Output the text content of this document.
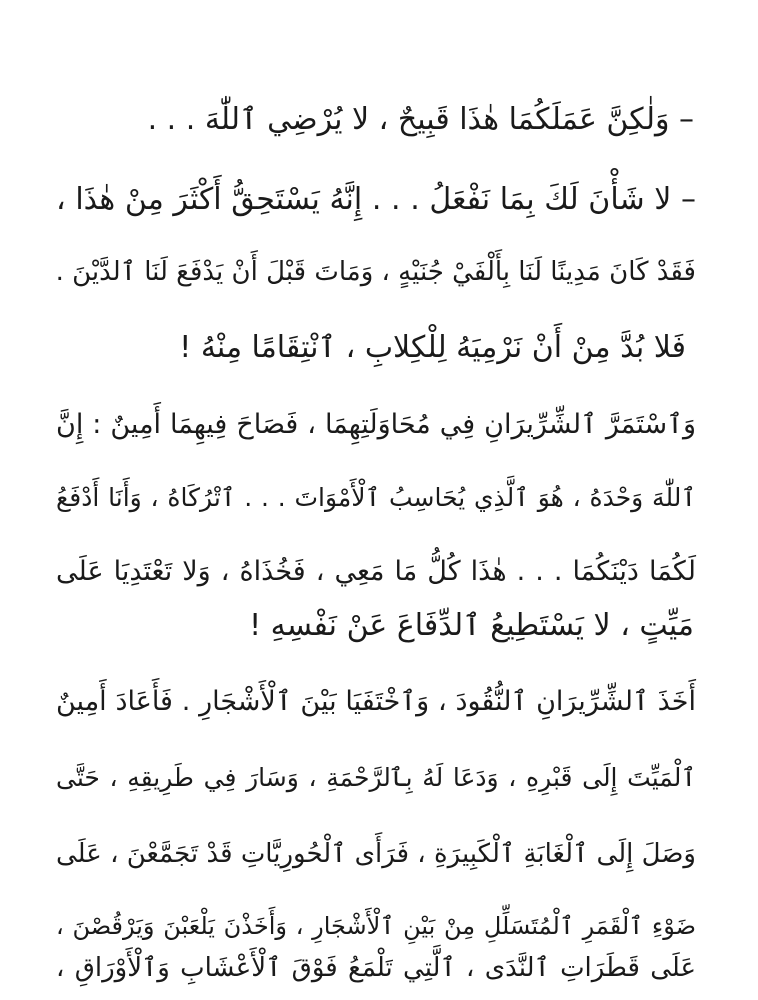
– وَلٰكِنَّ عَمَلَكُمَا هٰذَا قَبِيحٌ ، لا يُرْضِي ٱللّٰهَ . . .
– لا شَأْنَ لَكَ بِمَا نَفْعَلُ . . . إِنَّهُ يَسْتَحِقُّ أَكْثَرَ مِنْ هٰذَا ،
فَقَدْ كَانَ مَدِينًا لَنَا بِأَلْفَيْ جُنَيْهٍ ، وَمَاتَ قَبْلَ أَنْ يَدْفَعَ لَنَا ٱلدَّيْنَ .
فَلا بُدَّ مِنْ أَنْ نَرْمِيَهُ لِلْكِلابِ ، ٱنْتِقَامًا مِنْهُ !
وَٱسْتَمَرَّ ٱلشِّرِّيرَانِ فِي مُحَاوَلَتِهِمَا ، فَصَاحَ فِيهِمَا أَمِينٌ : إِنَّ
ٱللّٰهَ وَحْدَهُ ، هُوَ ٱلَّذِي يُحَاسِبُ ٱلْأَمْوَاتَ . . . ٱتْرُكَاهُ ، وَأَنَا أَدْفَعُ
لَكُمَا دَيْنَكُمَا . . . هٰذَا كُلُّ مَا مَعِي ، فَخُذَاهُ ، وَلا تَعْتَدِيَا عَلَى
مَيِّتٍ ، لا يَسْتَطِيعُ ٱلدِّفَاعَ عَنْ نَفْسِهِ !
أَخَذَ ٱلشِّرِّيرَانِ ٱلنُّقُودَ ، وَٱخْتَفَيَا بَيْنَ ٱلْأَشْجَارِ . فَأَعَادَ أَمِينٌ
ٱلْمَيِّتَ إِلَى قَبْرِهِ ، وَدَعَا لَهُ بِٱلرَّحْمَةِ ، وَسَارَ فِي طَرِيقِهِ ، حَتَّى
وَصَلَ إِلَى ٱلْغَابَةِ ٱلْكَبِيرَةِ ، فَرَأَى ٱلْحُورِيَّاتِ قَدْ تَجَمَّعْنَ ، عَلَى
ضَوْءِ ٱلْقَمَرِ ٱلْمُتَسَلِّلِ مِنْ بَيْنِ ٱلْأَشْجَارِ ، وَأَخَذْنَ يَلْعَبْنَ وَيَرْقُصْنَ ،
عَلَى قَطَرَاتِ ٱلنَّدَى ، ٱلَّتِي تَلْمَعُ فَوْقَ ٱلْأَعْشَابِ وَٱلْأَوْرَاقِ ،
